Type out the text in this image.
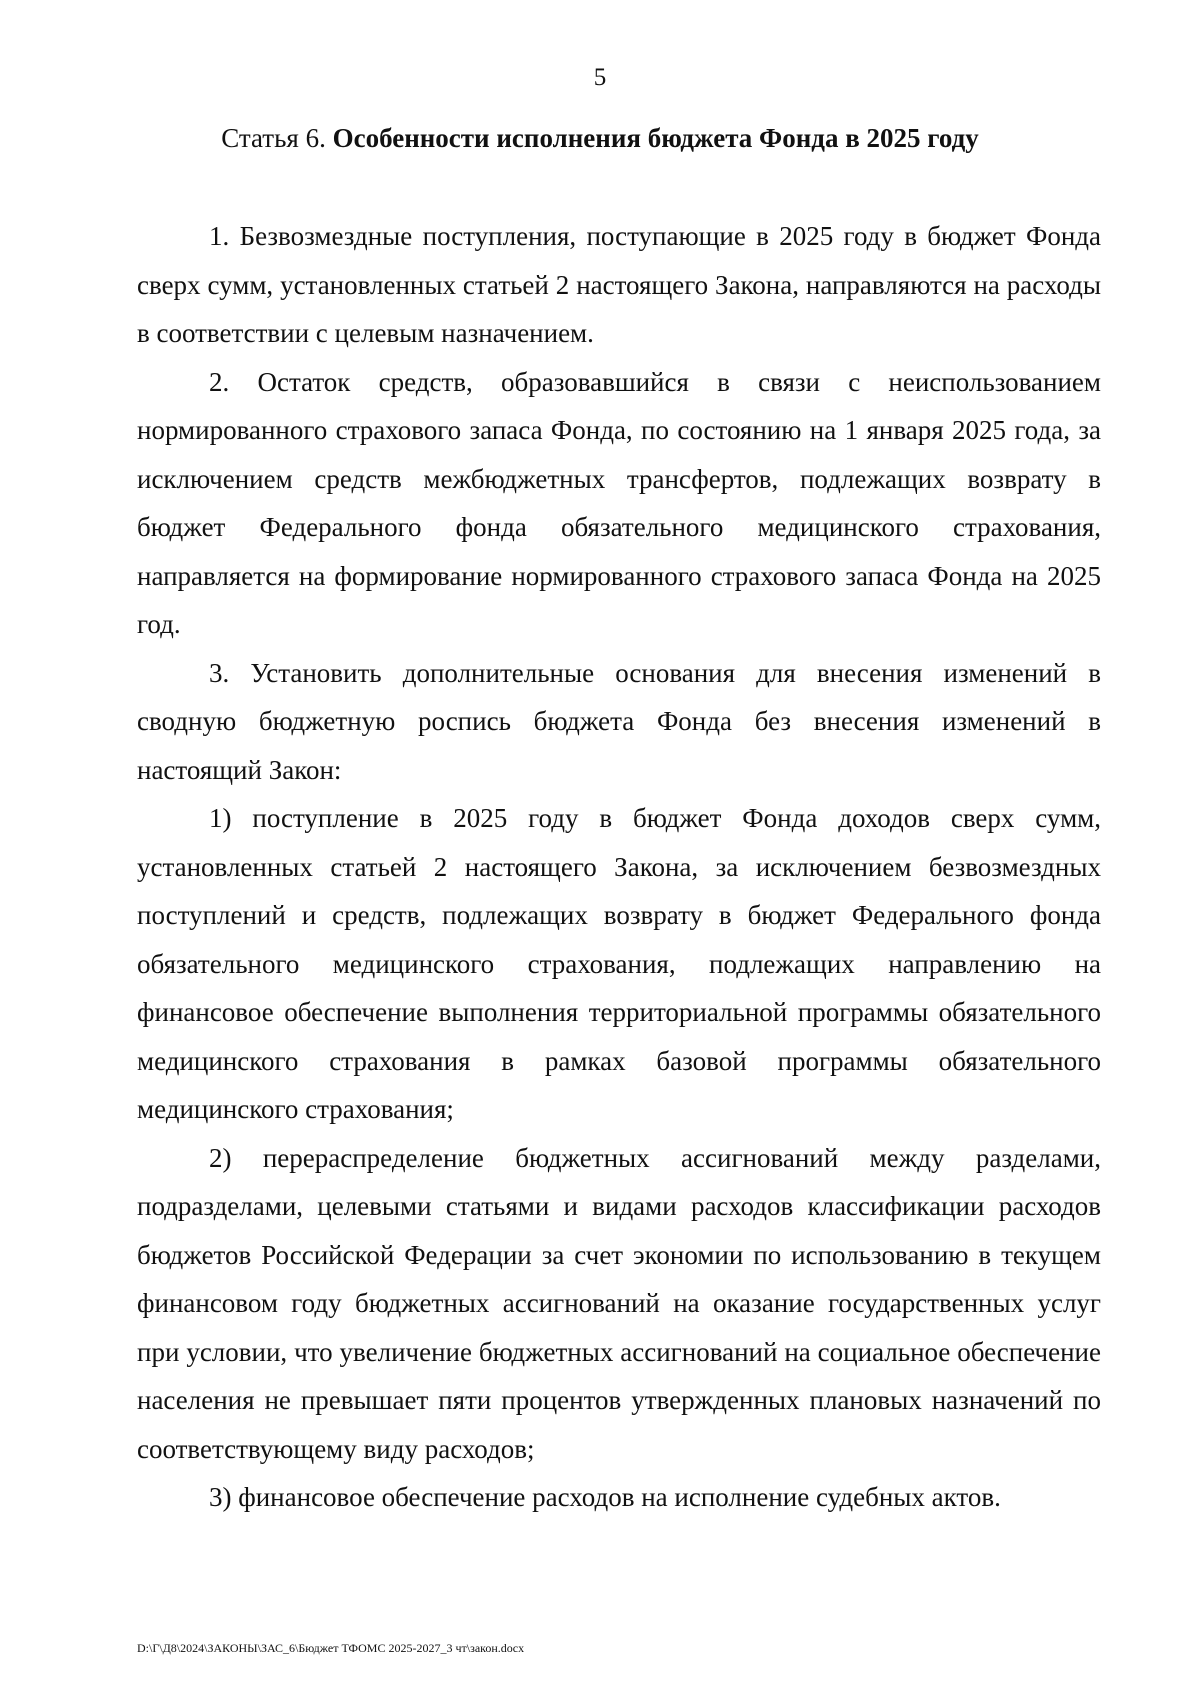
5
Статья 6. Особенности исполнения бюджета Фонда в 2025 году

1. Безвозмездные поступления, поступающие в 2025 году в бюджет Фонда сверх сумм, установленных статьей 2 настоящего Закона, направляются на расходы в соответствии с целевым назначением.

2. Остаток средств, образовавшийся в связи с неиспользованием нормированного страхового запаса Фонда, по состоянию на 1 января 2025 года, за исключением средств межбюджетных трансфертов, подлежащих возврату в бюджет Федерального фонда обязательного медицинского страхования, направляется на формирование нормированного страхового запаса Фонда на 2025 год.

3. Установить дополнительные основания для внесения изменений в сводную бюджетную роспись бюджета Фонда без внесения изменений в настоящий Закон:

1) поступление в 2025 году в бюджет Фонда доходов сверх сумм, установленных статьей 2 настоящего Закона, за исключением безвозмездных поступлений и средств, подлежащих возврату в бюджет Федерального фонда обязательного медицинского страхования, подлежащих направлению на финансовое обеспечение выполнения территориальной программы обязательного медицинского страхования в рамках базовой программы обязательного медицинского страхования;

2) перераспределение бюджетных ассигнований между разделами, подразделами, целевыми статьями и видами расходов классификации расходов бюджетов Российской Федерации за счет экономии по использованию в текущем финансовом году бюджетных ассигнований на оказание государственных услуг при условии, что увеличение бюджетных ассигнований на социальное обеспечение населения не превышает пяти процентов утвержденных плановых назначений по соответствующему виду расходов;

3) финансовое обеспечение расходов на исполнение судебных актов.

D:\Г\Д8\2024\ЗАКОНЫ\ЗАС_6\Бюджет ТФОМС 2025-2027_3 чт\закон.docx
